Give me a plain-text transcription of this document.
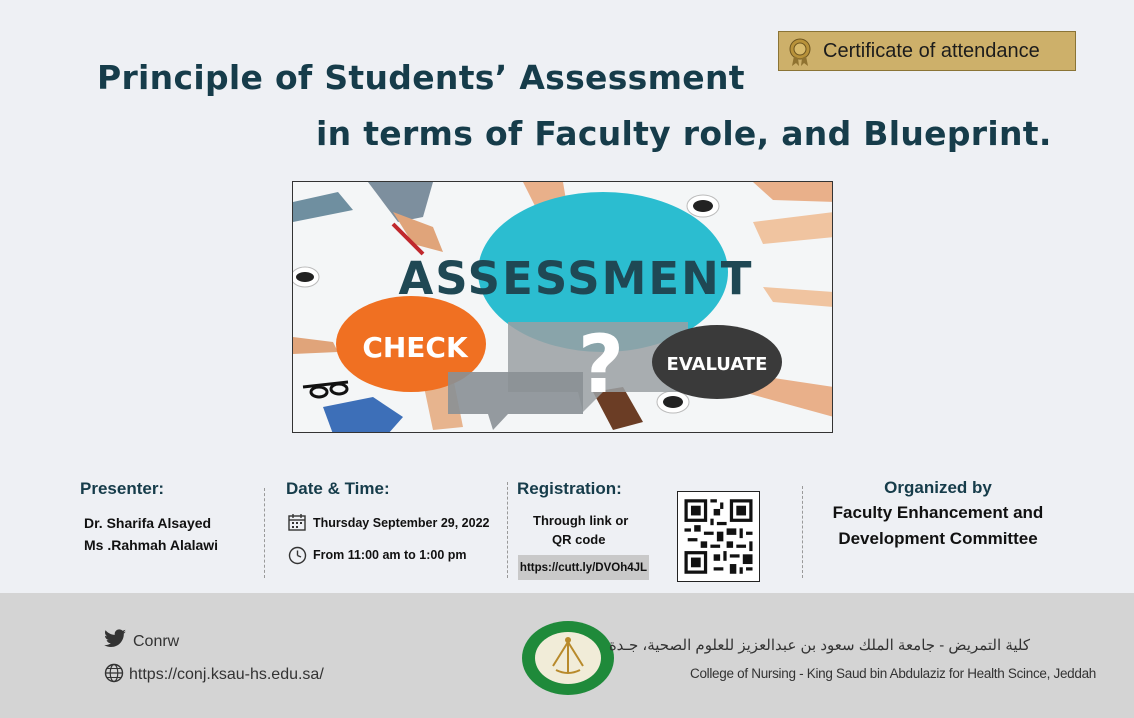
Principle of Students’ Assessment
in terms of Faculty role, and Blueprint.
Certificate of attendance
?
ASSESSMENT
CHECK
EVALUATE
Presenter:
Dr. Sharifa Alsayed
Ms .Rahmah Alalawi
Date & Time:
Thursday September 29, 2022
From 11:00 am to 1:00 pm
Registration:
Through link or
QR code
https://cutt.ly/DVOh4JL
Organized by
Faculty Enhancement and
Development Committee
Conrw
https://conj.ksau-hs.edu.sa/
كلية التمريض - جامعة الملك سعود بن عبدالعزيز للعلوم الصحية، جـدة
College of Nursing - King Saud bin Abdulaziz for Health Scince, Jeddah
